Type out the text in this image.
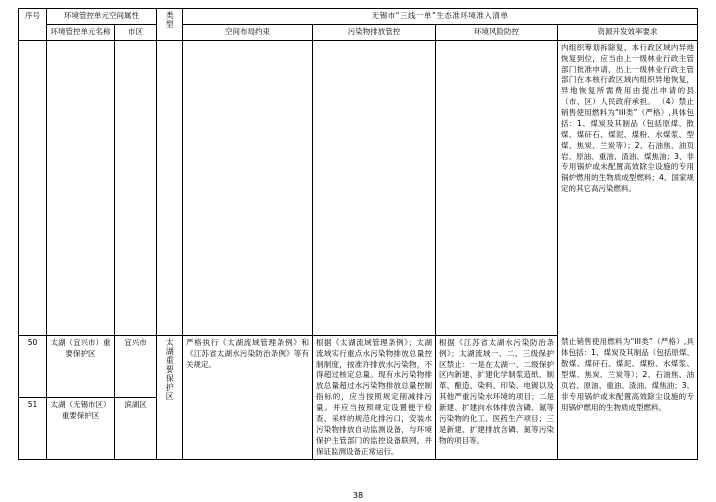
序号	环境管控单元空间属性		类型	无锡市“三线一单”生态准环境准入清单			
	环境管控单元名称	市区		空间布局约束	污染物排放管控	环境风险防控	资源开发效率要求

							内组织筹划拆除复、本行政区域内异地恢复到位，应当由上一级林业行政主管部门批准申请，出上一级林业行政主管部门在本核行政区域内组织异地恢复，异地恢复所需费用由提出申请的县（市、区）人民政府承担。 （4）禁止销售使用燃料为“III类”（严格）,具体包括：1、煤炭及其制品（包括原煤、散煤、煤矸石、煤泥、煤粉、水煤浆、型煤、焦炭、兰炭等）；2、石油焦、油页岩、原油、重油、渣油、煤焦油；3、非专用锅炉或未配置高效除尘设施的专用锅炉燃用的生物质成型燃料；4、国家规定的其它高污染燃料。
50	太湖（宜兴市）重要保护区	宜兴市	太湖重要保护区	严格执行《太湖流域管理条例》和《江苏省太湖水污染防治条例》等有关规定。	根据《太湖流域管理条例》；太湖流域实行重点水污染物排放总量控制制度，按准许排放水污染物，不得超过核定总量。现有水污染物排放总量超过水污染物排放总量控制指标的，应当按照规定削减排污量。并应当按照规定设置便于检查、采样的规范化排污口，安装水污染物排放自动监测设备，与环境保护主管部门的监控设备联网，并保证监测设备正常运行。	根据《江苏省太湖水污染防治条例》；太湖流域一、二、三级保护区禁止：一是在太湖一、二级保护区内新建、扩建化学制浆造纸、制革、酿造、染料、印染、电镀以及其他严重污染水环境的项目；二是新建、扩建向水体排放含磷、氮等污染物的化工、医药生产项目；三是新建、扩建排放含磷、氮等污染物的项目等。	禁止销售使用燃料为“III类”（严格）,具体包括：1、煤炭及其制品（包括原煤、散煤、煤矸石、煤泥、煤粉、水煤浆、型煤、焦炭、兰炭等）；2、石油焦、油页岩、原油、重油、渣油、煤焦油；3、非专用锅炉或未配置高效除尘设施的专用锅炉燃用的生物质成型燃料。
51	太湖（无锡市区）重要保护区	滨湖区					
38
